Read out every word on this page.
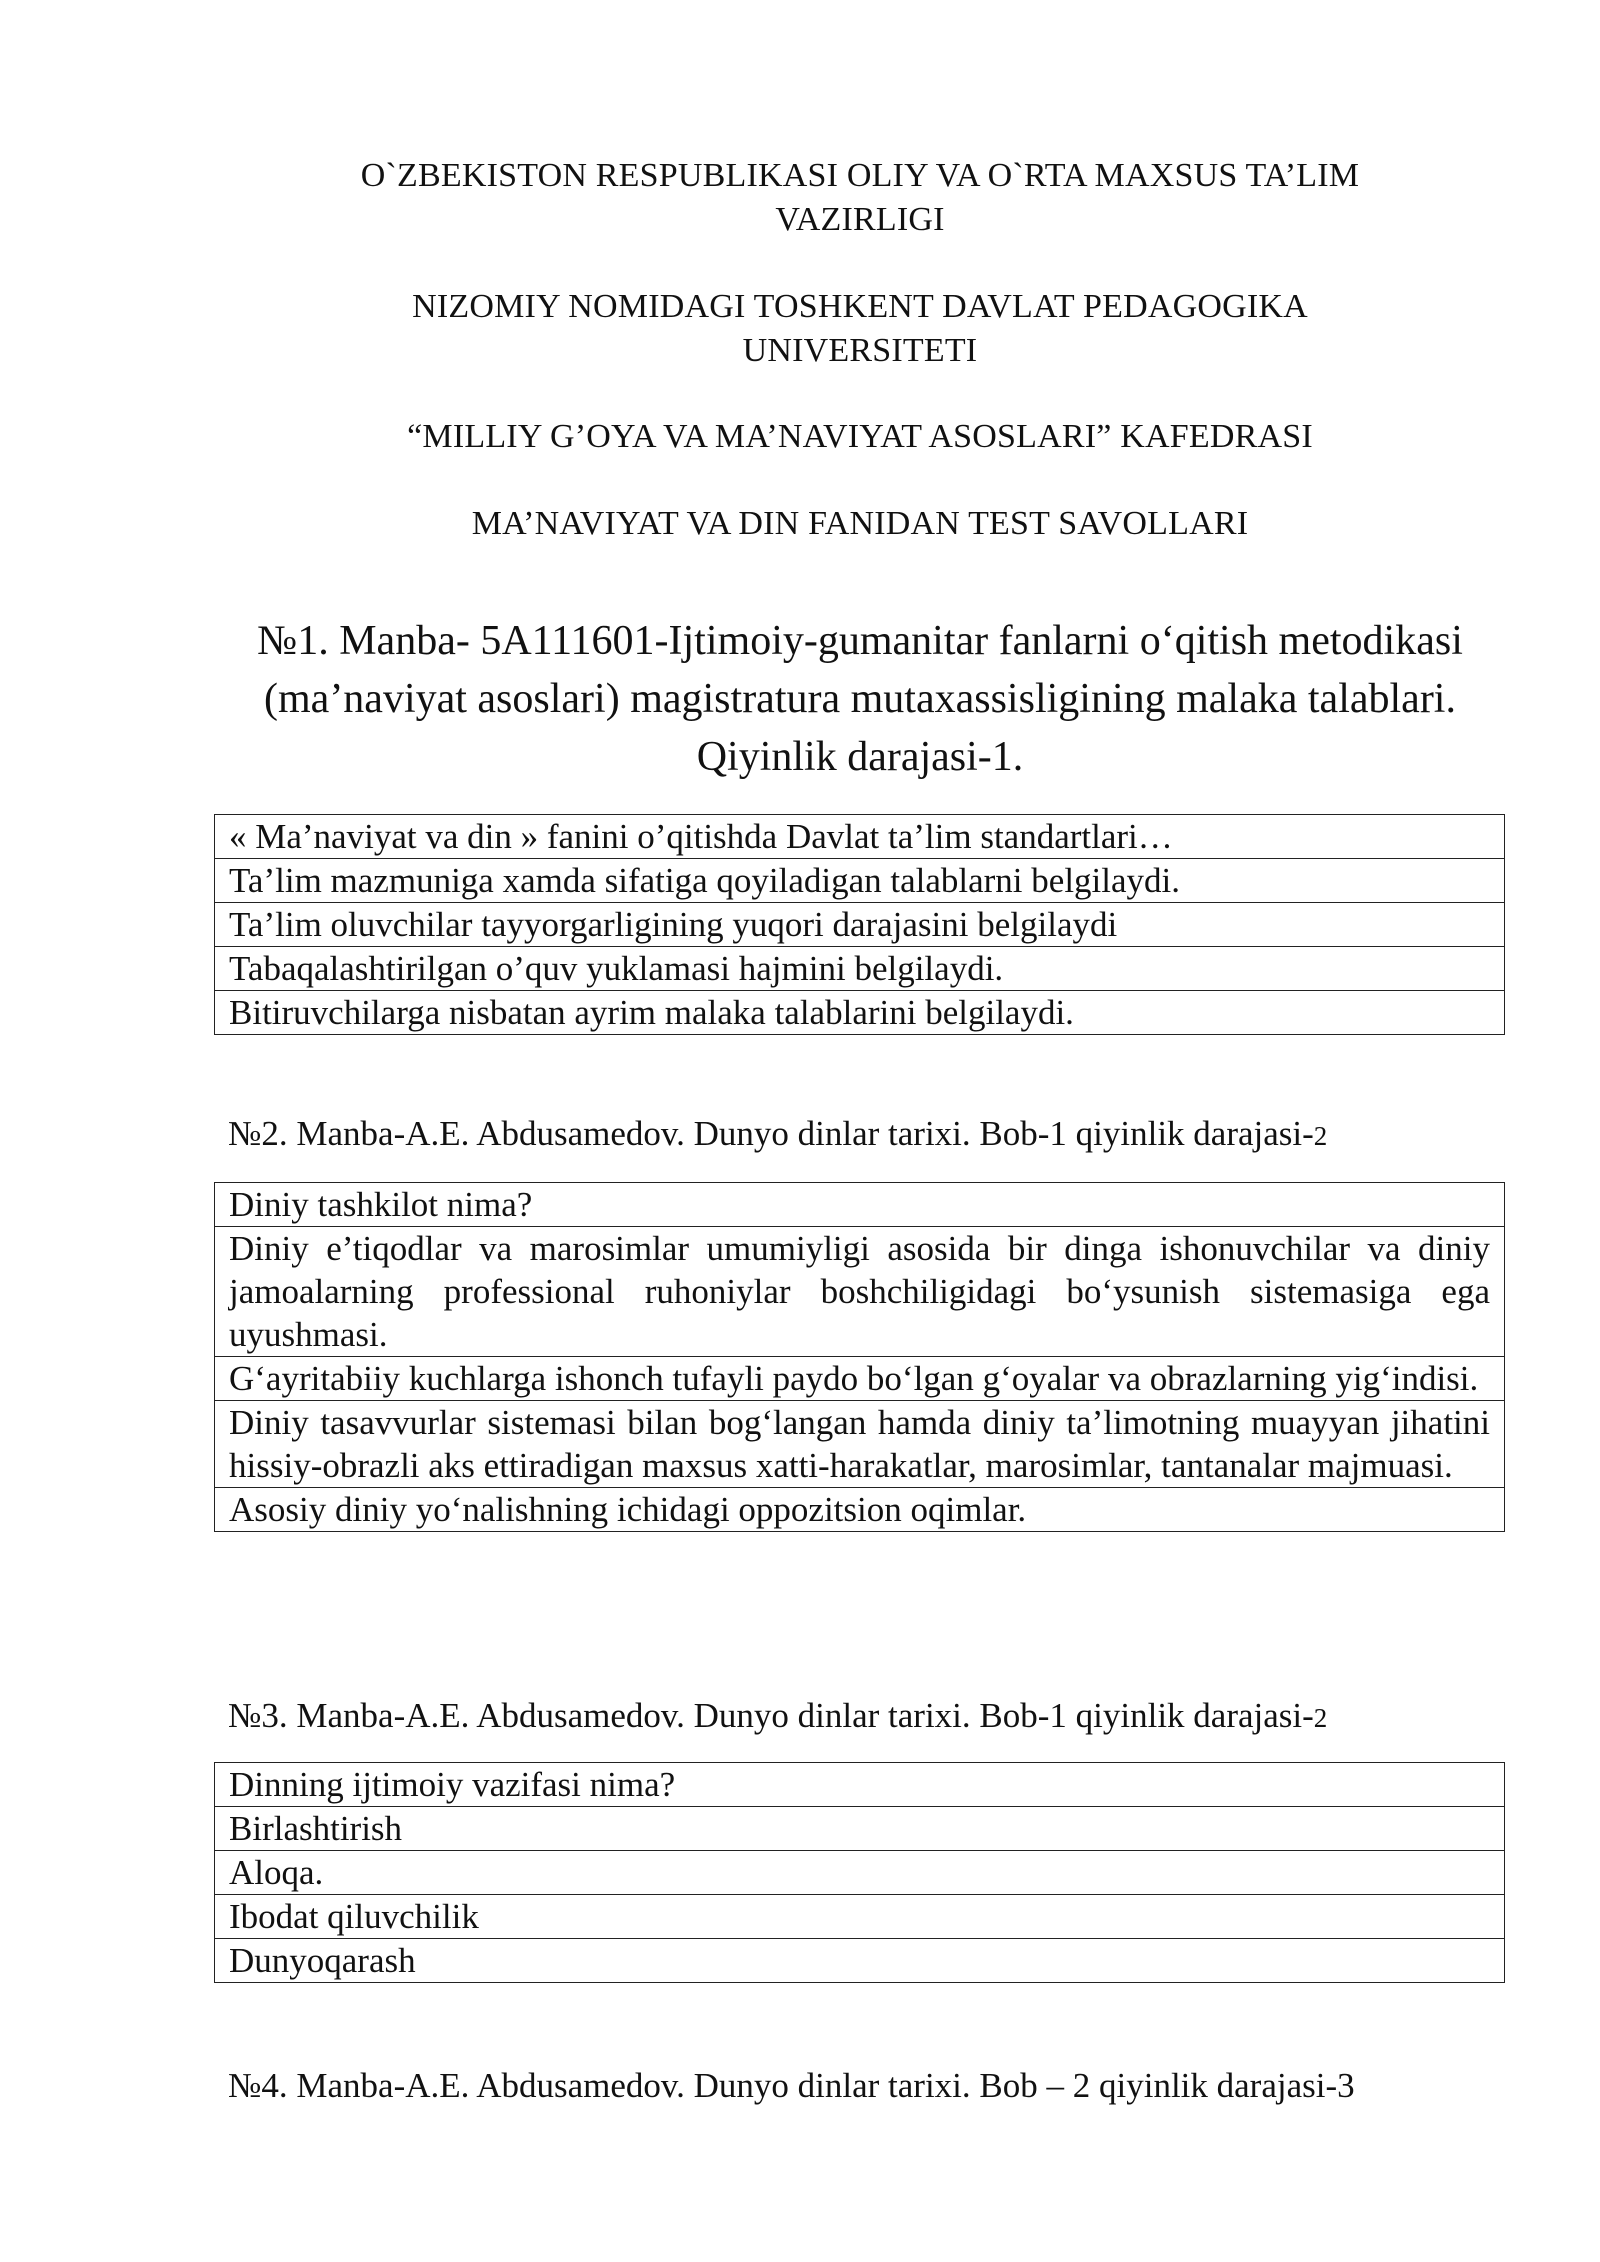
O`ZBEKISTON RESPUBLIKASI OLIY VA O`RTA MAXSUS TA’LIM
VAZIRLIGI
NIZOMIY NOMIDAGI TOSHKENT DAVLAT PEDAGOGIKA
UNIVERSITETI
“MILLIY G’OYA VA MA’NAVIYAT ASOSLARI” KAFEDRASI
MA’NAVIYAT VA DIN FANIDAN TEST SAVOLLARI
№1. Manba- 5A111601-Ijtimoiy-gumanitar fanlarni o‘qitish metodikasi
(ma’naviyat asoslari) magistratura mutaxassisligining malaka talablari.
Qiyinlik darajasi-1.
« Ma’naviyat va din » fanini o’qitishda Davlat ta’lim standartlari…
Ta’lim mazmuniga xamda sifatiga qoyiladigan talablarni belgilaydi.
Ta’lim oluvchilar tayyorgarligining yuqori darajasini belgilaydi
Tabaqalashtirilgan o’quv yuklamasi hajmini belgilaydi.
Bitiruvchilarga nisbatan ayrim malaka talablarini belgilaydi.
№2. Manba-A.E. Abdusamedov. Dunyo dinlar tarixi. Bob-1 qiyinlik darajasi-2
Diniy tashkilot nima?
Diniy e’tiqodlar va marosimlar umumiyligi asosida bir dinga ishonuvchilar va diniy jamoalarning professional ruhoniylar boshchiligidagi bo‘ysunish sistemasiga ega uyushmasi.
G‘ayritabiiy kuchlarga ishonch tufayli paydo bo‘lgan g‘oyalar va obrazlarning yig‘indisi.
Diniy tasavvurlar sistemasi bilan bog‘langan hamda diniy ta’limotning muayyan jihatini hissiy-obrazli aks ettiradigan maxsus xatti-harakatlar, marosimlar, tantanalar majmuasi.
Asosiy diniy yo‘nalishning ichidagi oppozitsion oqimlar.
№3. Manba-A.E. Abdusamedov. Dunyo dinlar tarixi. Bob-1 qiyinlik darajasi-2
Dinning ijtimoiy vazifasi nima?
Birlashtirish
Aloqa.
Ibodat qiluvchilik
Dunyoqarash
№4. Manba-A.E. Abdusamedov. Dunyo dinlar tarixi. Bob – 2 qiyinlik darajasi-3
